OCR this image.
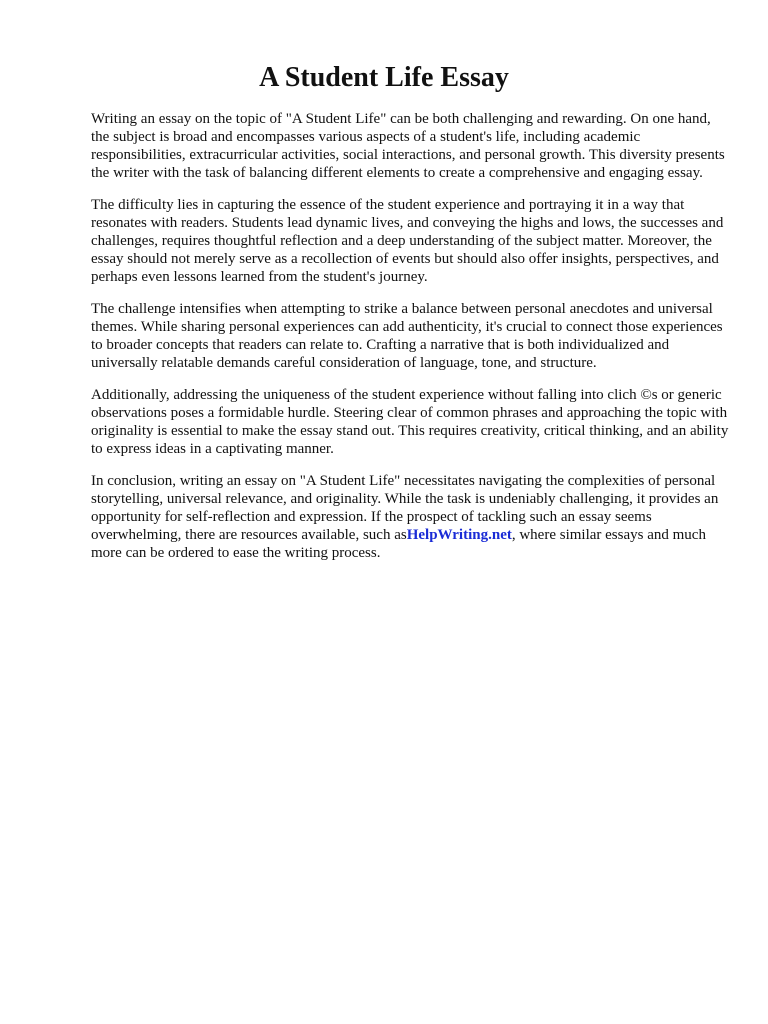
A Student Life Essay

Writing an essay on the topic of "A Student Life" can be both challenging and rewarding. On one hand, the subject is broad and encompasses various aspects of a student's life, including academic responsibilities, extracurricular activities, social interactions, and personal growth. This diversity presents the writer with the task of balancing different elements to create a comprehensive and engaging essay.

The difficulty lies in capturing the essence of the student experience and portraying it in a way that resonates with readers. Students lead dynamic lives, and conveying the highs and lows, the successes and challenges, requires thoughtful reflection and a deep understanding of the subject matter. Moreover, the essay should not merely serve as a recollection of events but should also offer insights, perspectives, and perhaps even lessons learned from the student's journey.

The challenge intensifies when attempting to strike a balance between personal anecdotes and universal themes. While sharing personal experiences can add authenticity, it's crucial to connect those experiences to broader concepts that readers can relate to. Crafting a narrative that is both individualized and universally relatable demands careful consideration of language, tone, and structure.

Additionally, addressing the uniqueness of the student experience without falling into clich ©s or generic observations poses a formidable hurdle. Steering clear of common phrases and approaching the topic with originality is essential to make the essay stand out. This requires creativity, critical thinking, and an ability to express ideas in a captivating manner.

In conclusion, writing an essay on "A Student Life" necessitates navigating the complexities of personal storytelling, universal relevance, and originality. While the task is undeniably challenging, it provides an opportunity for self-reflection and expression. If the prospect of tackling such an essay seems overwhelming, there are resources available, such asHelpWriting.net, where similar essays and much more can be ordered to ease the writing process.
